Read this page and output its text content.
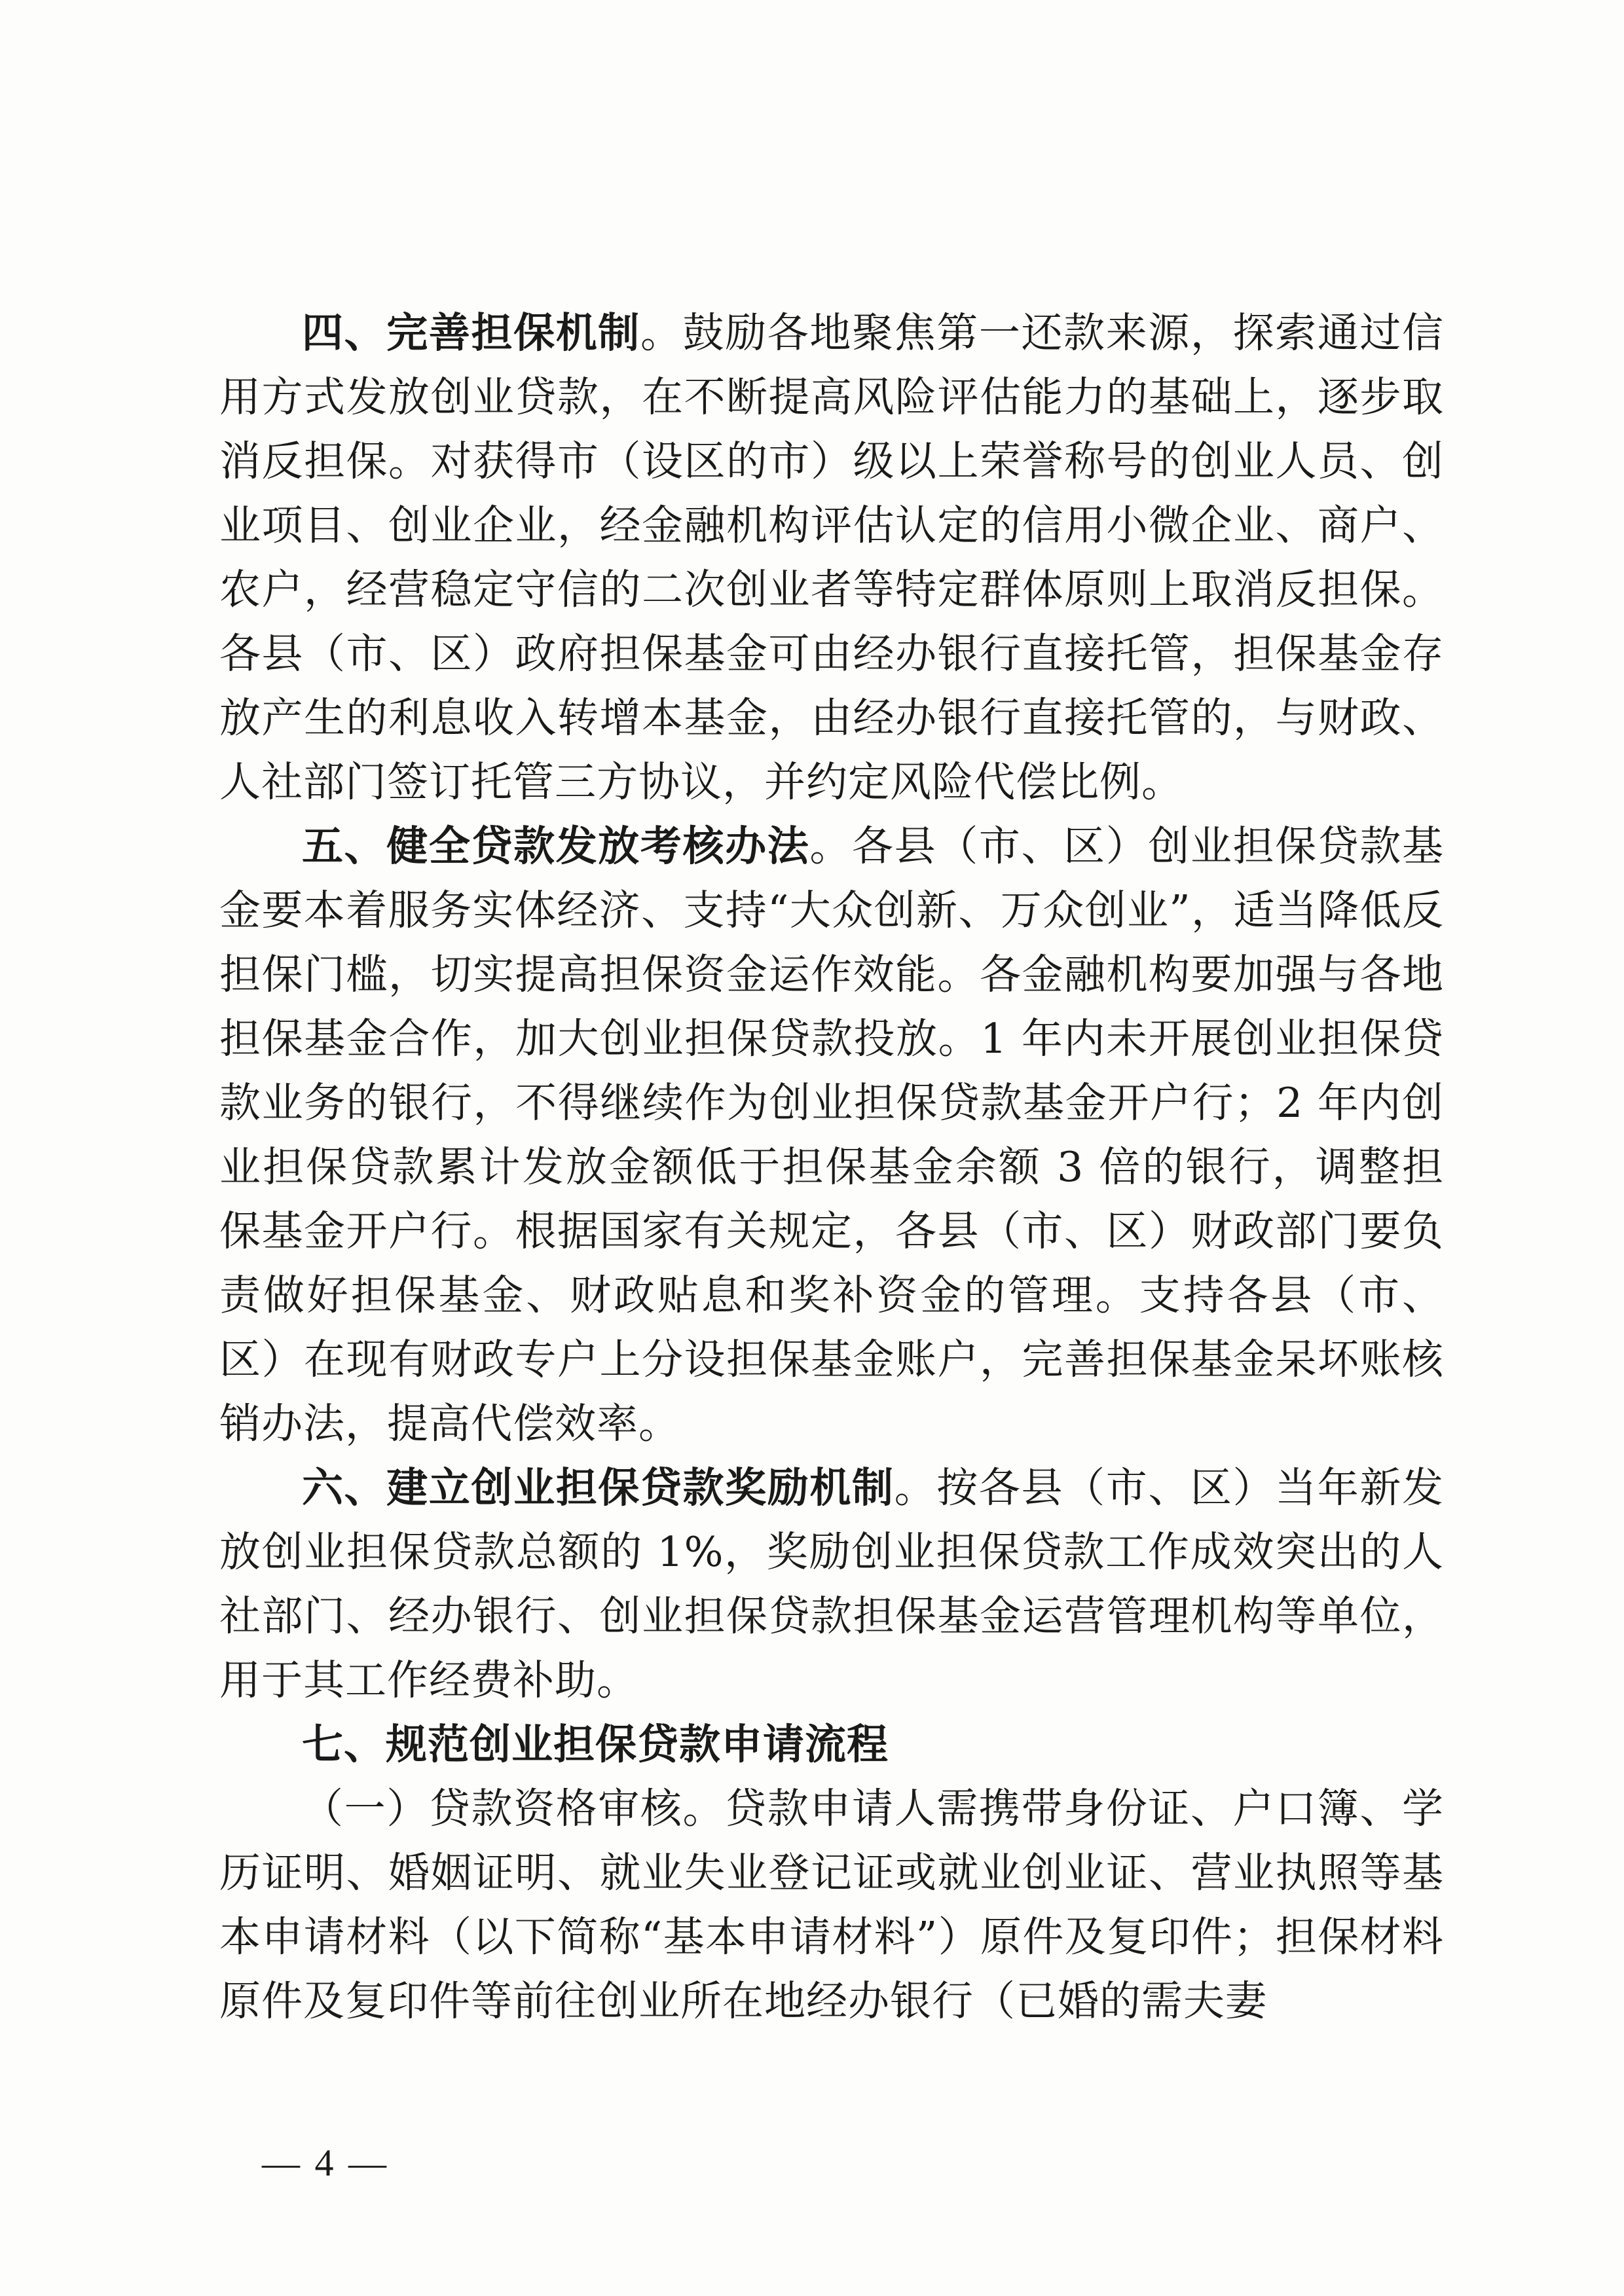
四、完善担保机制。鼓励各地聚焦第一还款来源，探索通过信用方式发放创业贷款，在不断提高风险评估能力的基础上，逐步取消反担保。对获得市（设区的市）级以上荣誉称号的创业人员、创业项目、创业企业，经金融机构评估认定的信用小微企业、商户、农户，经营稳定守信的二次创业者等特定群体原则上取消反担保。各县（市、区）政府担保基金可由经办银行直接托管，担保基金存放产生的利息收入转增本基金，由经办银行直接托管的，与财政、人社部门签订托管三方协议，并约定风险代偿比例。

五、健全贷款发放考核办法。各县（市、区）创业担保贷款基金要本着服务实体经济、支持“大众创新、万众创业”，适当降低反担保门槛，切实提高担保资金运作效能。各金融机构要加强与各地担保基金合作，加大创业担保贷款投放。1 年内未开展创业担保贷款业务的银行，不得继续作为创业担保贷款基金开户行；2 年内创业担保贷款累计发放金额低于担保基金余额 3 倍的银行，调整担保基金开户行。根据国家有关规定，各县（市、区）财政部门要负责做好担保基金、财政贴息和奖补资金的管理。支持各县（市、区）在现有财政专户上分设担保基金账户，完善担保基金呆坏账核销办法，提高代偿效率。

六、建立创业担保贷款奖励机制。按各县（市、区）当年新发放创业担保贷款总额的 1%，奖励创业担保贷款工作成效突出的人社部门、经办银行、创业担保贷款担保基金运营管理机构等单位，用于其工作经费补助。

七、规范创业担保贷款申请流程

（一）贷款资格审核。贷款申请人需携带身份证、户口簿、学历证明、婚姻证明、就业失业登记证或就业创业证、营业执照等基本申请材料（以下简称“基本申请材料”）原件及复印件；担保材料原件及复印件等前往创业所在地经办银行（已婚的需夫妻

— 4 —
